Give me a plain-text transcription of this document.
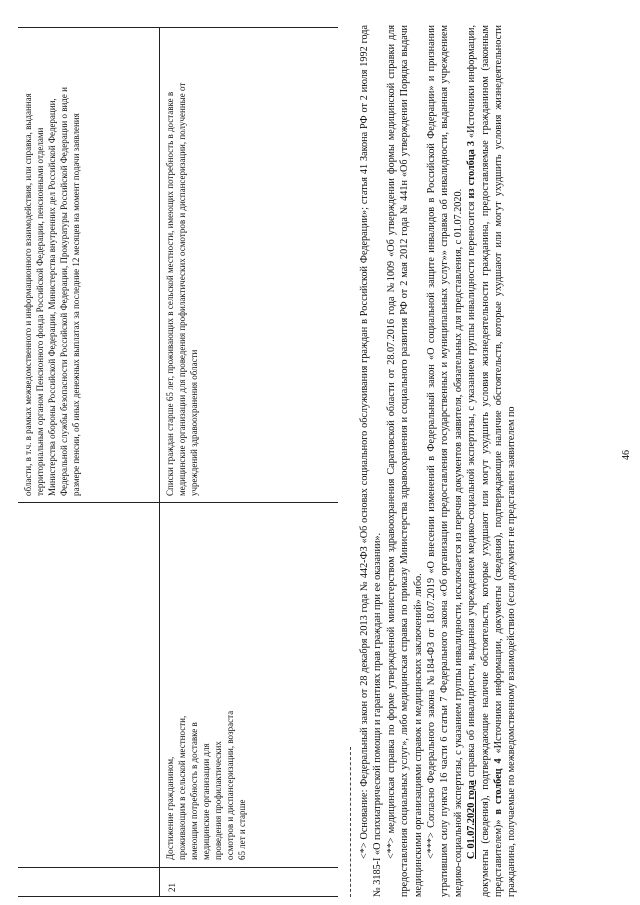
области, в т.ч. в рамках межведомственного и информационного взаимодействия, или справка, выданная территориальным органом Пенсионного фонда Российской Федерации, пенсионными отделами Министерства обороны Российской Федерации, Министерства внутренних дел Российской Федерации, Федеральной службы безопасности Российской Федерации, Прокуратуры Российской Федерации о виде и размере пенсии, об иных денежных выплатах за последние 12 месяцев на момент подачи заявления
21
Достижение гражданином, проживающим в сельской местности, имеющим потребность в доставке в медицинские организации для проведения профилактических осмотров и диспансеризации, возраста 65 лет и старше
Списки граждан старше 65 лет, проживающих в сельской местности, имеющих потребность в доставке в медицинские организации для проведения профилактических осмотров и диспансеризации, полученные от учреждений здравоохранения области

<*> Основание: Федеральный закон от 28 декабря 2013 года № 442-ФЗ «Об основах социального обслуживания граждан в Российской Федерации»; статья 41 Закона РФ от 2 июля 1992 года № 3185-I «О психиатрической помощи и гарантиях прав граждан при ее оказании». <**> медицинская справка по форме утвержденной министерством здравоохранения Саратовской области от 28.07.2016 года №1009 «Об утверждении формы медицинской справки для предоставления социальных услуг», либо медицинская справка по приказу Министерства здравоохранения и социального развития РФ от 2 мая 2012 года № 441н «Об утверждении Порядка выдачи медицинскими организациями справок и медицинских заключений» либо. <***> Согласно Федерального закона №184-ФЗ от 18.07.2019 «О внесении изменений в Федеральный закон «О социальной защите инвалидов в Российской Федерации» и признании утратившим силу пункта 16 части 6 статьи 7 Федерального закона «Об организации предоставления государственных и муниципальных услуг»» справка об инвалидности, выданная учреждением медико-социальной экспертизы, с указанием группы инвалидности, исключается из перечня документов заявителя, обязательных для представления, с 01.07.2020. С 01.07.2020 года справка об инвалидности, выданная учреждением медико-социальной экспертизы, с указанием группы инвалидности переносится из столбца 3 «Источники информации, документы (сведения), подтверждающие наличие обстоятельств, которые ухудшают или могут ухудшить условия жизнедеятельности гражданина, предоставляемые гражданином (законным представителем)» в столбец 4 «Источники информации, документы (сведения), подтверждающие наличие обстоятельств, которые ухудшают или могут ухудшить условия жизнедеятельности гражданина, получаемые по межведомственному взаимодействию (если документ не представлен заявителем по	46
